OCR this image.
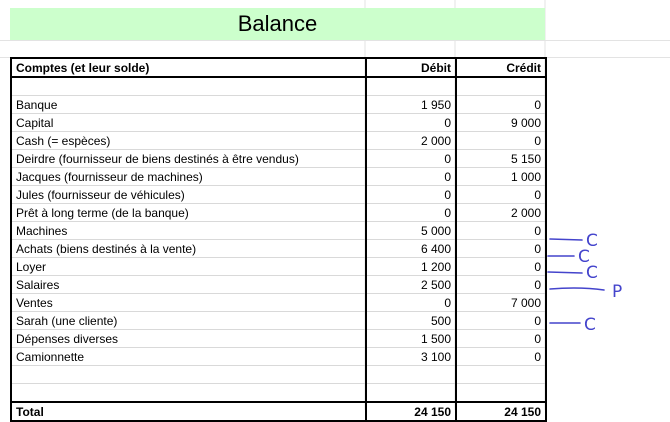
Balance
Comptes (et leur solde)	Débit	Crédit

Banque	1 950	0
Capital	0	9 000
Cash (= espèces)	2 000	0
Deirdre (fournisseur de biens destinés à être vendus)	0	5 150
Jacques (fournisseur de machines)	0	1 000
Jules (fournisseur de véhicules)	0	0
Prêt à long terme (de la banque)	0	2 000
Machines	5 000	0
Achats (biens destinés à la vente)	6 400	0
Loyer	1 200	0
Salaires	2 500	0
Ventes	0	7 000
Sarah (une cliente)	500	0
Dépenses diverses	1 500	0
Camionnette	3 100	0

Total	24 150	24 150
C
C
C
P
C
